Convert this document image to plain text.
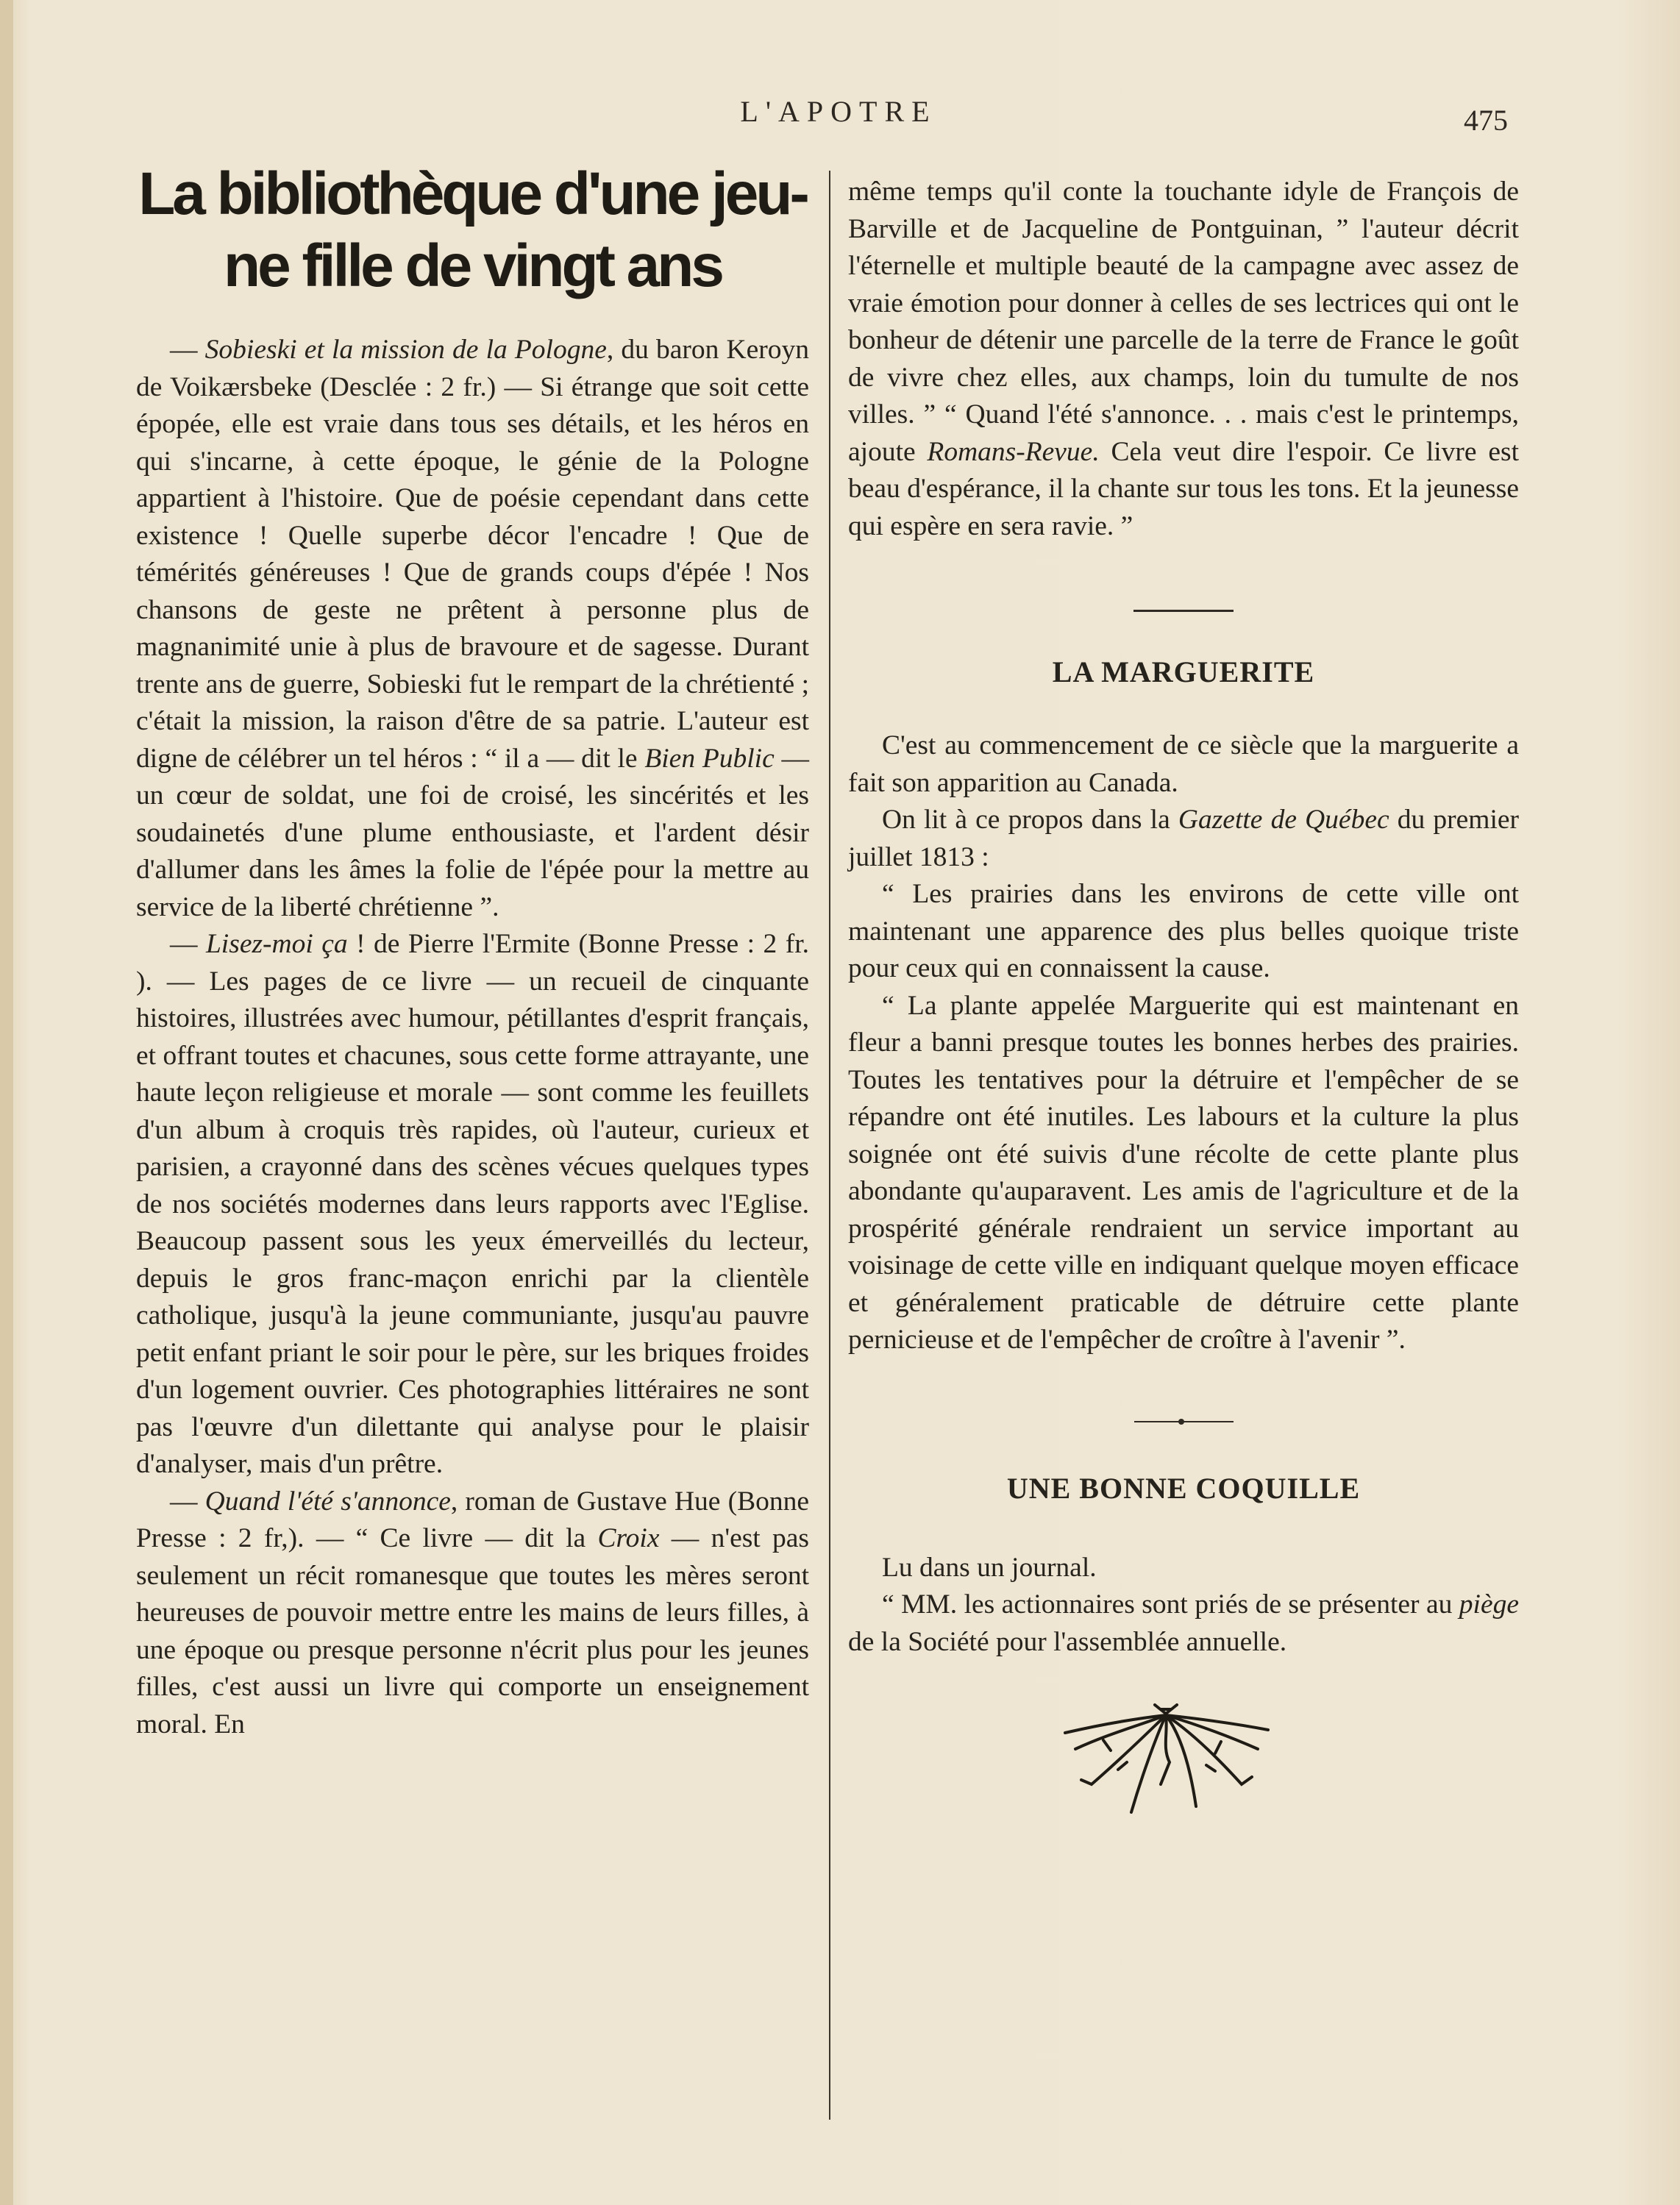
L'APOTRE	475
La bibliothèque d'une jeu-ne fille de vingt ans

— Sobieski et la mission de la Pologne, du baron Keroyn de Voikærsbeke (Desclée : 2 fr.) — Si étrange que soit cette épopée, elle est vraie dans tous ses détails, et les héros en qui s'incarne, à cette époque, le génie de la Pologne appartient à l'histoire. Que de poésie cependant dans cette existence ! Quelle superbe décor l'encadre ! Que de témérités généreuses ! Que de grands coups d'épée ! Nos chansons de geste ne prêtent à personne plus de magnanimité unie à plus de bravoure et de sagesse. Durant trente ans de guerre, Sobieski fut le rempart de la chrétienté ; c'était la mission, la raison d'être de sa patrie. L'auteur est digne de célébrer un tel héros : “ il a — dit le Bien Public — un cœur de soldat, une foi de croisé, les sincérités et les soudainetés d'une plume enthousiaste, et l'ardent désir d'allumer dans les âmes la folie de l'épée pour la mettre au service de la liberté chrétienne ”.

— Lisez-moi ça ! de Pierre l'Ermite (Bonne Presse : 2 fr. ). — Les pages de ce livre — un recueil de cinquante histoires, illustrées avec humour, pétillantes d'esprit français, et offrant toutes et chacunes, sous cette forme attrayante, une haute leçon religieuse et morale — sont comme les feuillets d'un album à croquis très rapides, où l'auteur, curieux et parisien, a crayonné dans des scènes vécues quelques types de nos sociétés modernes dans leurs rapports avec l'Eglise. Beaucoup passent sous les yeux émerveillés du lecteur, depuis le gros franc-maçon enrichi par la clientèle catholique, jusqu'à la jeune communiante, jusqu'au pauvre petit enfant priant le soir pour le père, sur les briques froides d'un logement ouvrier. Ces photographies littéraires ne sont pas l'œuvre d'un dilettante qui analyse pour le plaisir d'analyser, mais d'un prêtre.

— Quand l'été s'annonce, roman de Gustave Hue (Bonne Presse : 2 fr,). — “ Ce livre — dit la Croix — n'est pas seulement un récit romanesque que toutes les mères seront heureuses de pouvoir mettre entre les mains de leurs filles, à une époque ou presque personne n'écrit plus pour les jeunes filles, c'est aussi un livre qui comporte un enseignement moral. En

même temps qu'il conte la touchante idyle de François de Barville et de Jacqueline de Pontguinan, ” l'auteur décrit l'éternelle et multiple beauté de la campagne avec assez de vraie émotion pour donner à celles de ses lectrices qui ont le bonheur de détenir une parcelle de la terre de France le goût de vivre chez elles, aux champs, loin du tumulte de nos villes. ” “ Quand l'été s'annonce. . . mais c'est le printemps, ajoute Romans-Revue. Cela veut dire l'espoir. Ce livre est beau d'espérance, il la chante sur tous les tons. Et la jeunesse qui espère en sera ravie. ”

LA MARGUERITE

C'est au commencement de ce siècle que la marguerite a fait son apparition au Canada.

On lit à ce propos dans la Gazette de Québec du premier juillet 1813 :

“ Les prairies dans les environs de cette ville ont maintenant une apparence des plus belles quoique triste pour ceux qui en connaissent la cause.

“ La plante appelée Marguerite qui est maintenant en fleur a banni presque toutes les bonnes herbes des prairies. Toutes les tentatives pour la détruire et l'empêcher de se répandre ont été inutiles. Les labours et la culture la plus soignée ont été suivis d'une récolte de cette plante plus abondante qu'auparavent. Les amis de l'agriculture et de la prospérité générale rendraient un service important au voisinage de cette ville en indiquant quelque moyen efficace et généralement praticable de détruire cette plante pernicieuse et de l'empêcher de croître à l'avenir ”.

UNE BONNE COQUILLE

Lu dans un journal.

“ MM. les actionnaires sont priés de se présenter au piège de la Société pour l'assemblée annuelle.
